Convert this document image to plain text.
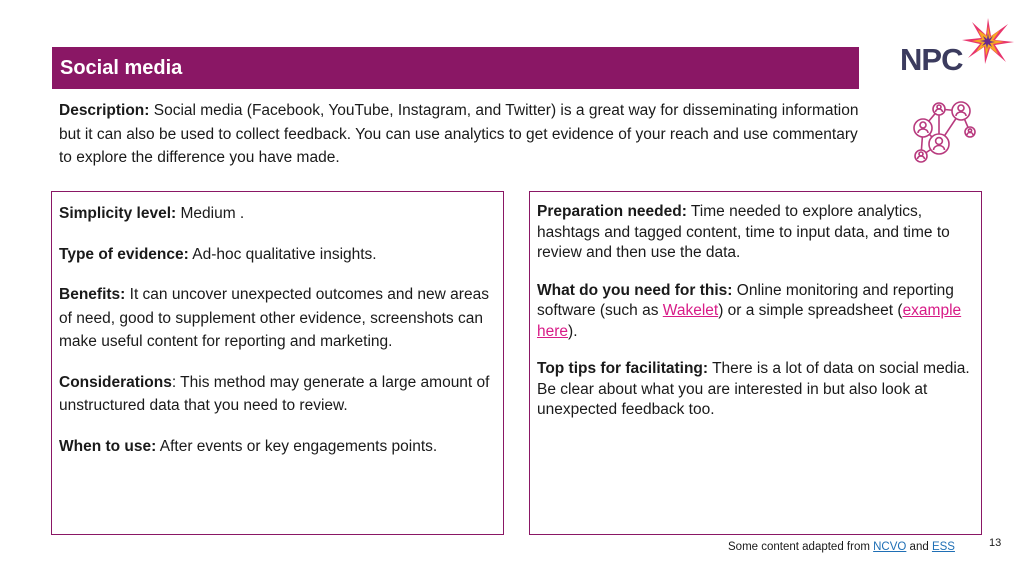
Social media	NPC
Description: Social media (Facebook, YouTube, Instagram, and Twitter) is a great way for disseminating information but it can also be used to collect feedback. You can use analytics to get evidence of your reach and use commentary to explore the difference you have made.

Simplicity level: Medium .

Type of evidence: Ad-hoc qualitative insights.

Benefits: It can uncover unexpected outcomes and new areas of need, good to supplement other evidence, screenshots can make useful content for reporting and marketing.

Considerations: This method may generate a large amount of unstructured data that you need to review.

When to use: After events or key engagements points.

Preparation needed: Time needed to explore analytics, hashtags and tagged content, time to input data, and time to review and then use the data.

What do you need for this: Online monitoring and reporting software (such as Wakelet) or a simple spreadsheet (example here).

Top tips for facilitating: There is a lot of data on social media. Be clear about what you are interested in but also look at unexpected feedback too.

Some content adapted from NCVO and ESS	13
